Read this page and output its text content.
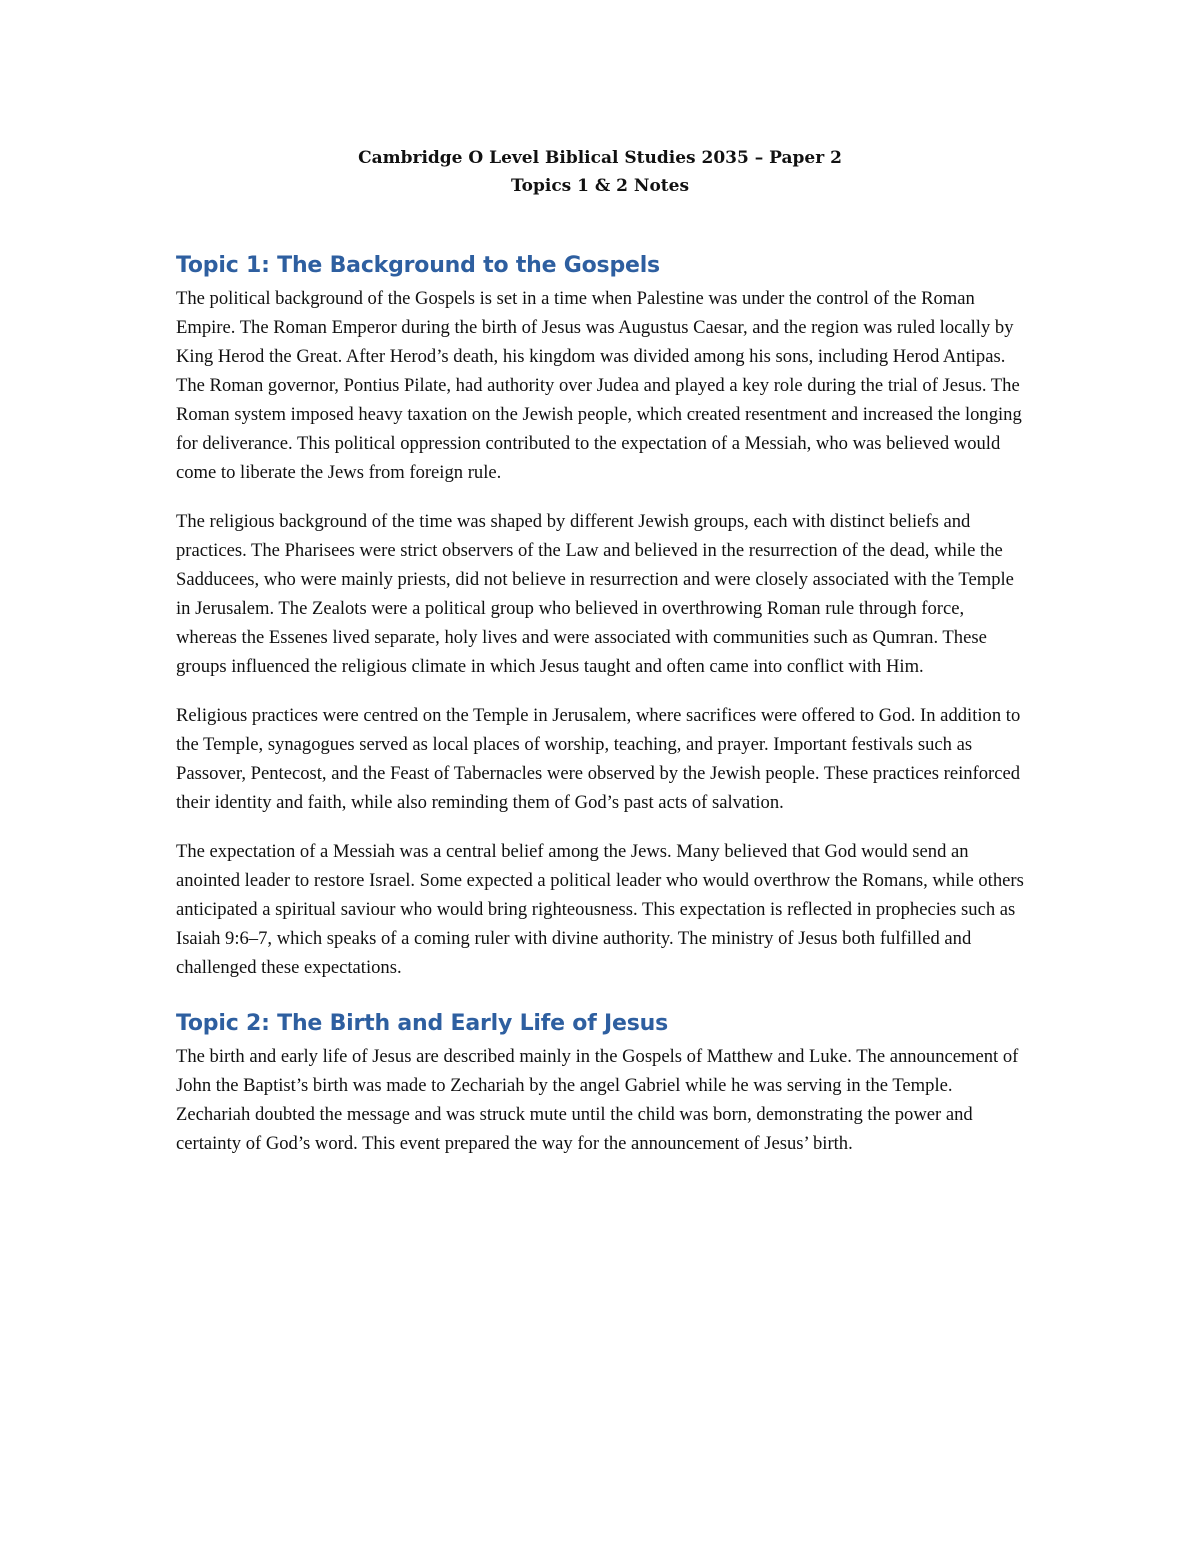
Cambridge O Level Biblical Studies 2035 – Paper 2
Topics 1 & 2 Notes
Topic 1: The Background to the Gospels

The political background of the Gospels is set in a time when Palestine was under the control of the Roman Empire. The Roman Emperor during the birth of Jesus was Augustus Caesar, and the region was ruled locally by King Herod the Great. After Herod’s death, his kingdom was divided among his sons, including Herod Antipas. The Roman governor, Pontius Pilate, had authority over Judea and played a key role during the trial of Jesus. The Roman system imposed heavy taxation on the Jewish people, which created resentment and increased the longing for deliverance. This political oppression contributed to the expectation of a Messiah, who was believed would come to liberate the Jews from foreign rule.

The religious background of the time was shaped by different Jewish groups, each with distinct beliefs and practices. The Pharisees were strict observers of the Law and believed in the resurrection of the dead, while the Sadducees, who were mainly priests, did not believe in resurrection and were closely associated with the Temple in Jerusalem. The Zealots were a political group who believed in overthrowing Roman rule through force, whereas the Essenes lived separate, holy lives and were associated with communities such as Qumran. These groups influenced the religious climate in which Jesus taught and often came into conflict with Him.

Religious practices were centred on the Temple in Jerusalem, where sacrifices were offered to God. In addition to the Temple, synagogues served as local places of worship, teaching, and prayer. Important festivals such as Passover, Pentecost, and the Feast of Tabernacles were observed by the Jewish people. These practices reinforced their identity and faith, while also reminding them of God’s past acts of salvation.

The expectation of a Messiah was a central belief among the Jews. Many believed that God would send an anointed leader to restore Israel. Some expected a political leader who would overthrow the Romans, while others anticipated a spiritual saviour who would bring righteousness. This expectation is reflected in prophecies such as Isaiah 9:6–7, which speaks of a coming ruler with divine authority. The ministry of Jesus both fulfilled and challenged these expectations.

Topic 2: The Birth and Early Life of Jesus

The birth and early life of Jesus are described mainly in the Gospels of Matthew and Luke. The announcement of John the Baptist’s birth was made to Zechariah by the angel Gabriel while he was serving in the Temple. Zechariah doubted the message and was struck mute until the child was born, demonstrating the power and certainty of God’s word. This event prepared the way for the announcement of Jesus’ birth.
